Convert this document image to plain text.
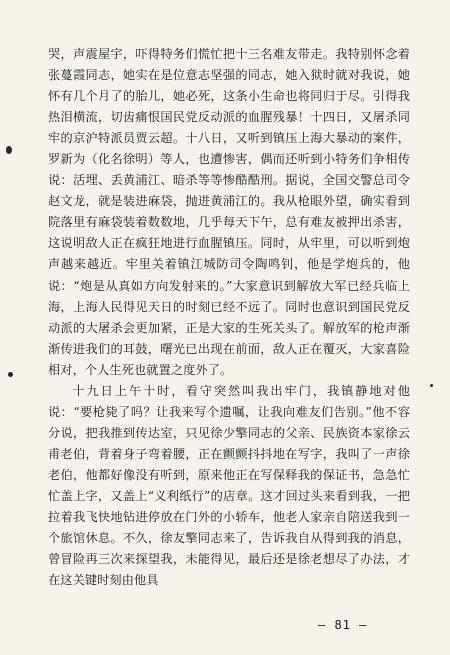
哭，声震屋宇，吓得特务们慌忙把十三名难友带走。我特别怀念着张蔓霞同志，她实在是位意志坚强的同志，她入狱时就对我说，她怀有几个月了的胎儿，她必死，这条小生命也将同归于尽。引得我热泪横流，切齿痛恨国民党反动派的血腥残暴！十四日，又屠杀同牢的京沪特派员贾云超。十八日，又听到镇压上海大暴动的案件，罗新为（化名徐明）等人，也遭惨害，偶而还听到小特务们争相传说：活埋、丢黄浦江、暗杀等等惨酷酷刑。据说，全国交警总司令赵文龙，就是装进麻袋，抛进黄浦江的。我从枪眼外望，确实看到院落里有麻袋装着数数地，几乎每天下午，总有难友被押出杀害，这说明敌人正在疯狂地进行血腥镇压。同时，从牢里，可以听到炮声越来越近。牢里关着镇江城防司令陶鸣钊，他是学炮兵的，他说：“炮是从真如方向发射来的。”大家意识到解放大军已经兵临上海，上海人民得见天日的时刻已经不远了。同时也意识到国民党反动派的大屠杀会更加紧，正是大家的生死关头了。解放军的枪声渐渐传进我们的耳鼓，曙光已出现在前面，敌人正在覆灭，大家喜险相对，个人生死也就置之度外了。

十九日上午十时，看守突然叫我出牢门，我镇静地对他说：“要枪毙了吗？让我来写个遗嘱，让我向难友们告别。”他不容分说，把我推到传达室，只见徐少擎同志的父亲、民族资本家徐云甫老伯，背着身子弯着腰，正在颤颤抖抖地在写字，我叫了一声徐老伯，他都好像没有听到，原来他正在写保释我的保证书，急急忙忙盖上字，又盖上“义利纸行”的店章。这才回过头来看到我，一把拉着我飞快地钻进停放在门外的小轿车，他老人家亲自陪送我到一个旅馆休息。不久，徐友擎同志来了，告诉我自从得到我的消息，曾冒险再三次来探望我，未能得见，最后还是徐老想尽了办法，才在这关键时刻由他具

— 81 —
